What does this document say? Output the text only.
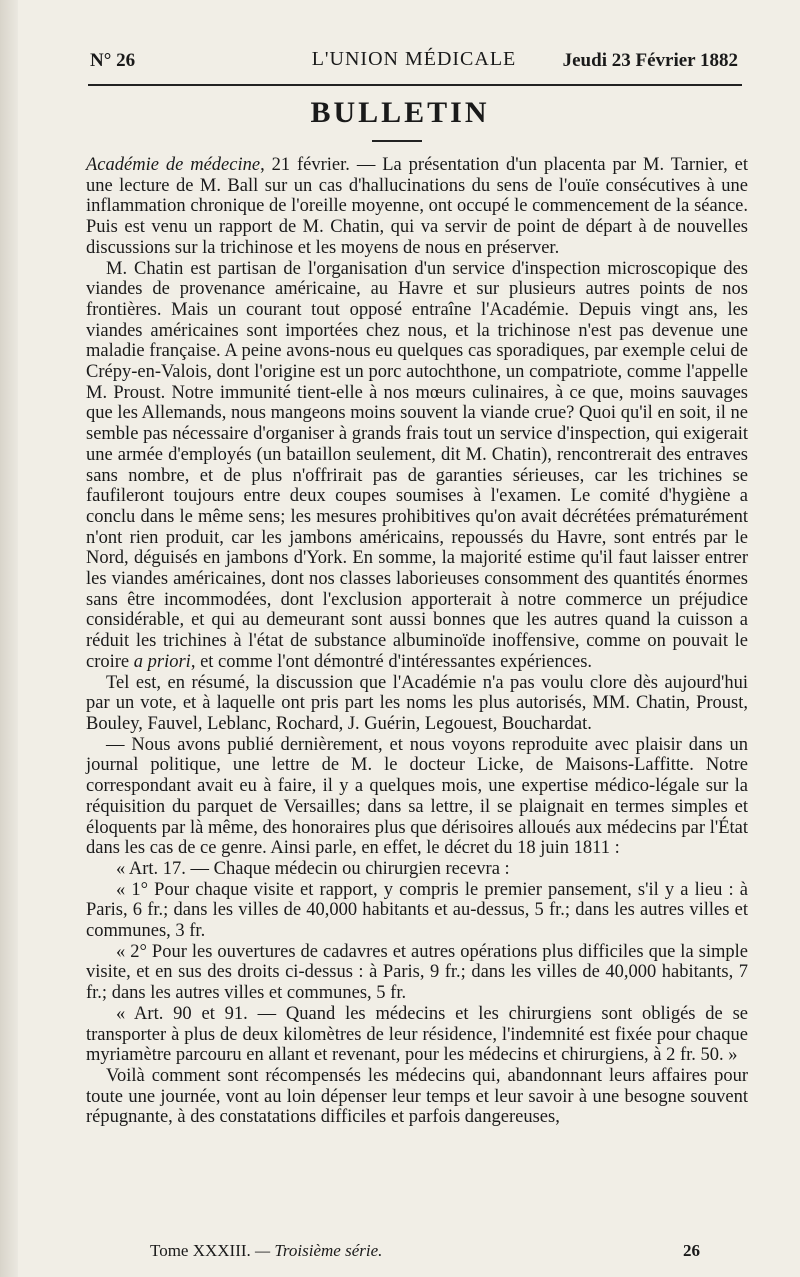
N° 26	L'UNION MÉDICALE	Jeudi 23 Février 1882
BULLETIN

Académie de médecine, 21 février. — La présentation d'un placenta par M. Tarnier, et une lecture de M. Ball sur un cas d'hallucinations du sens de l'ouïe consécutives à une inflammation chronique de l'oreille moyenne, ont occupé le commencement de la séance. Puis est venu un rapport de M. Chatin, qui va servir de point de départ à de nouvelles discussions sur la trichinose et les moyens de nous en préserver.

M. Chatin est partisan de l'organisation d'un service d'inspection microscopique des viandes de provenance américaine, au Havre et sur plusieurs autres points de nos frontières. Mais un courant tout opposé entraîne l'Académie. Depuis vingt ans, les viandes américaines sont importées chez nous, et la trichinose n'est pas devenue une maladie française. A peine avons-nous eu quelques cas sporadiques, par exemple celui de Crépy-en-Valois, dont l'origine est un porc autochthone, un compatriote, comme l'appelle M. Proust. Notre immunité tient-elle à nos mœurs culinaires, à ce que, moins sauvages que les Allemands, nous mangeons moins souvent la viande crue? Quoi qu'il en soit, il ne semble pas nécessaire d'organiser à grands frais tout un service d'inspection, qui exigerait une armée d'employés (un bataillon seulement, dit M. Chatin), rencontrerait des entraves sans nombre, et de plus n'offrirait pas de garanties sérieuses, car les trichines se faufileront toujours entre deux coupes soumises à l'examen. Le comité d'hygiène a conclu dans le même sens; les mesures prohibitives qu'on avait décrétées prématurément n'ont rien produit, car les jambons américains, repoussés du Havre, sont entrés par le Nord, déguisés en jambons d'York. En somme, la majorité estime qu'il faut laisser entrer les viandes américaines, dont nos classes laborieuses consomment des quantités énormes sans être incommodées, dont l'exclusion apporterait à notre commerce un préjudice considérable, et qui au demeurant sont aussi bonnes que les autres quand la cuisson a réduit les trichines à l'état de substance albuminoïde inoffensive, comme on pouvait le croire a priori, et comme l'ont démontré d'intéressantes expériences.

Tel est, en résumé, la discussion que l'Académie n'a pas voulu clore dès aujourd'hui par un vote, et à laquelle ont pris part les noms les plus autorisés, MM. Chatin, Proust, Bouley, Fauvel, Leblanc, Rochard, J. Guérin, Legouest, Bouchardat.

— Nous avons publié dernièrement, et nous voyons reproduite avec plaisir dans un journal politique, une lettre de M. le docteur Licke, de Maisons-Laffitte. Notre correspondant avait eu à faire, il y a quelques mois, une expertise médico-légale sur la réquisition du parquet de Versailles; dans sa lettre, il se plaignait en termes simples et éloquents par là même, des honoraires plus que dérisoires alloués aux médecins par l'État dans les cas de ce genre. Ainsi parle, en effet, le décret du 18 juin 1811 :

« Art. 17. — Chaque médecin ou chirurgien recevra :

« 1° Pour chaque visite et rapport, y compris le premier pansement, s'il y a lieu : à Paris, 6 fr.; dans les villes de 40,000 habitants et au-dessus, 5 fr.; dans les autres villes et communes, 3 fr.

« 2° Pour les ouvertures de cadavres et autres opérations plus difficiles que la simple visite, et en sus des droits ci-dessus : à Paris, 9 fr.; dans les villes de 40,000 habitants, 7 fr.; dans les autres villes et communes, 5 fr.

« Art. 90 et 91. — Quand les médecins et les chirurgiens sont obligés de se transporter à plus de deux kilomètres de leur résidence, l'indemnité est fixée pour chaque myriamètre parcouru en allant et revenant, pour les médecins et chirurgiens, à 2 fr. 50. »

Voilà comment sont récompensés les médecins qui, abandonnant leurs affaires pour toute une journée, vont au loin dépenser leur temps et leur savoir à une besogne souvent répugnante, à des constatations difficiles et parfois dangereuses,

Tome XXXIII. — Troisième série.	26
